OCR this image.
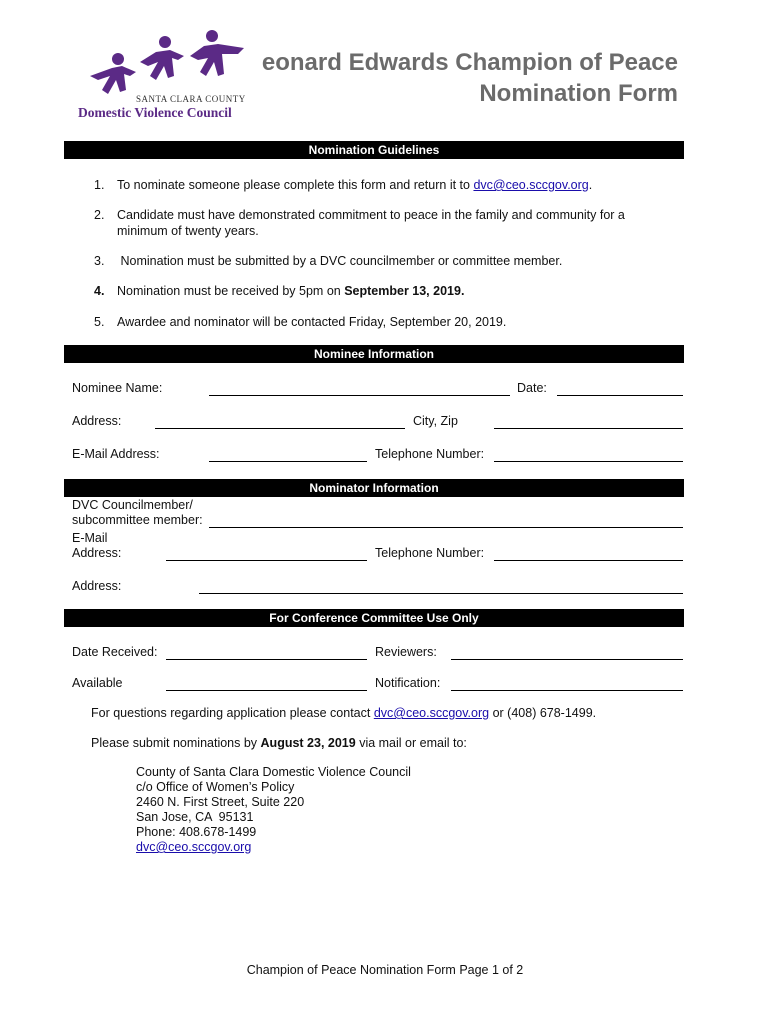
SANTA CLARA COUNTY
Domestic Violence Council
eonard Edwards Champion of Peace
Nomination Form
Nomination Guidelines
1. To nominate someone please complete this form and return it to dvc@ceo.sccgov.org.
2. Candidate must have demonstrated commitment to peace in the family and community for a minimum of twenty years.
3. Nomination must be submitted by a DVC councilmember or committee member.
4. Nomination must be received by 5pm on September 13, 2019.
5. Awardee and nominator will be contacted Friday, September 20, 2019.
Nominee Information
Nominee Name:	Date:
Address:	City, Zip
E-Mail Address:	Telephone Number:
Nominator Information
DVC Councilmember/
subcommittee member:
E-Mail
Address:	Telephone Number:
Address:
For Conference Committee Use Only
Date Received:	Reviewers:
Available	Notification:
For questions regarding application please contact dvc@ceo.sccgov.org or (408) 678-1499.
Please submit nominations by August 23, 2019 via mail or email to:
County of Santa Clara Domestic Violence Council
c/o Office of Women’s Policy
2460 N. First Street, Suite 220
San Jose, CA  95131
Phone: 408.678-1499
dvc@ceo.sccgov.org
Champion of Peace Nomination Form Page 1 of 2
